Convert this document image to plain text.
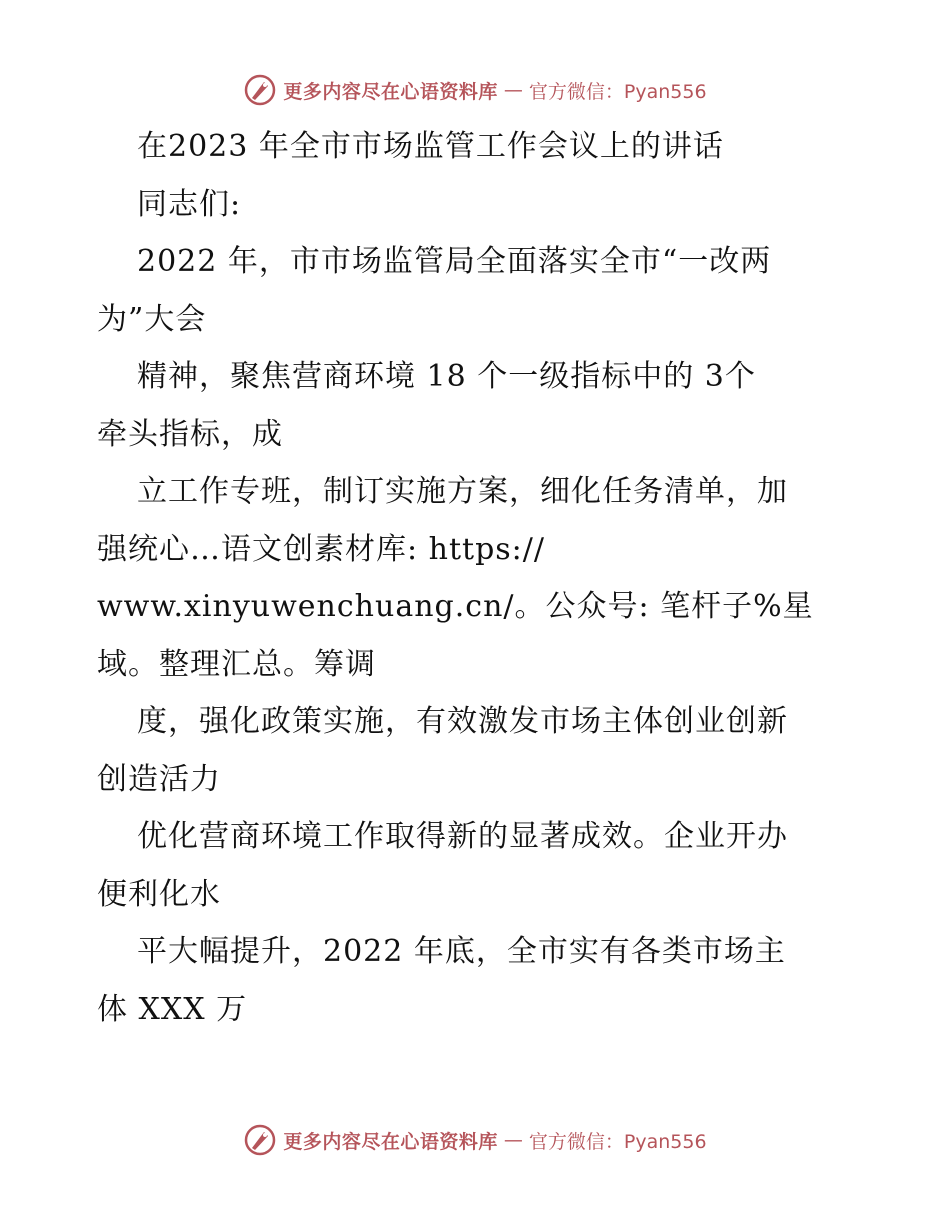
更多内容尽在心语资料库 — 官方微信：Pyan556
在2023 年全市市场监管工作会议上的讲话
同志们:
2022 年，市市场监管局全面落实全市“一改两
为”大会
精神，聚焦营商环境 18 个一级指标中的 3个
牵头指标，成
立工作专班，制订实施方案，细化任务清单，加
强统心…语文创素材库: https://
www.xinyuwenchuang.cn/。公众号: 笔杆子%星
域。整理汇总。筹调
度，强化政策实施，有效激发市场主体创业创新
创造活力
优化营商环境工作取得新的显著成效。企业开办
便利化水
平大幅提升，2022 年底，全市实有各类市场主
体 XXX 万
更多内容尽在心语资料库 — 官方微信：Pyan556
